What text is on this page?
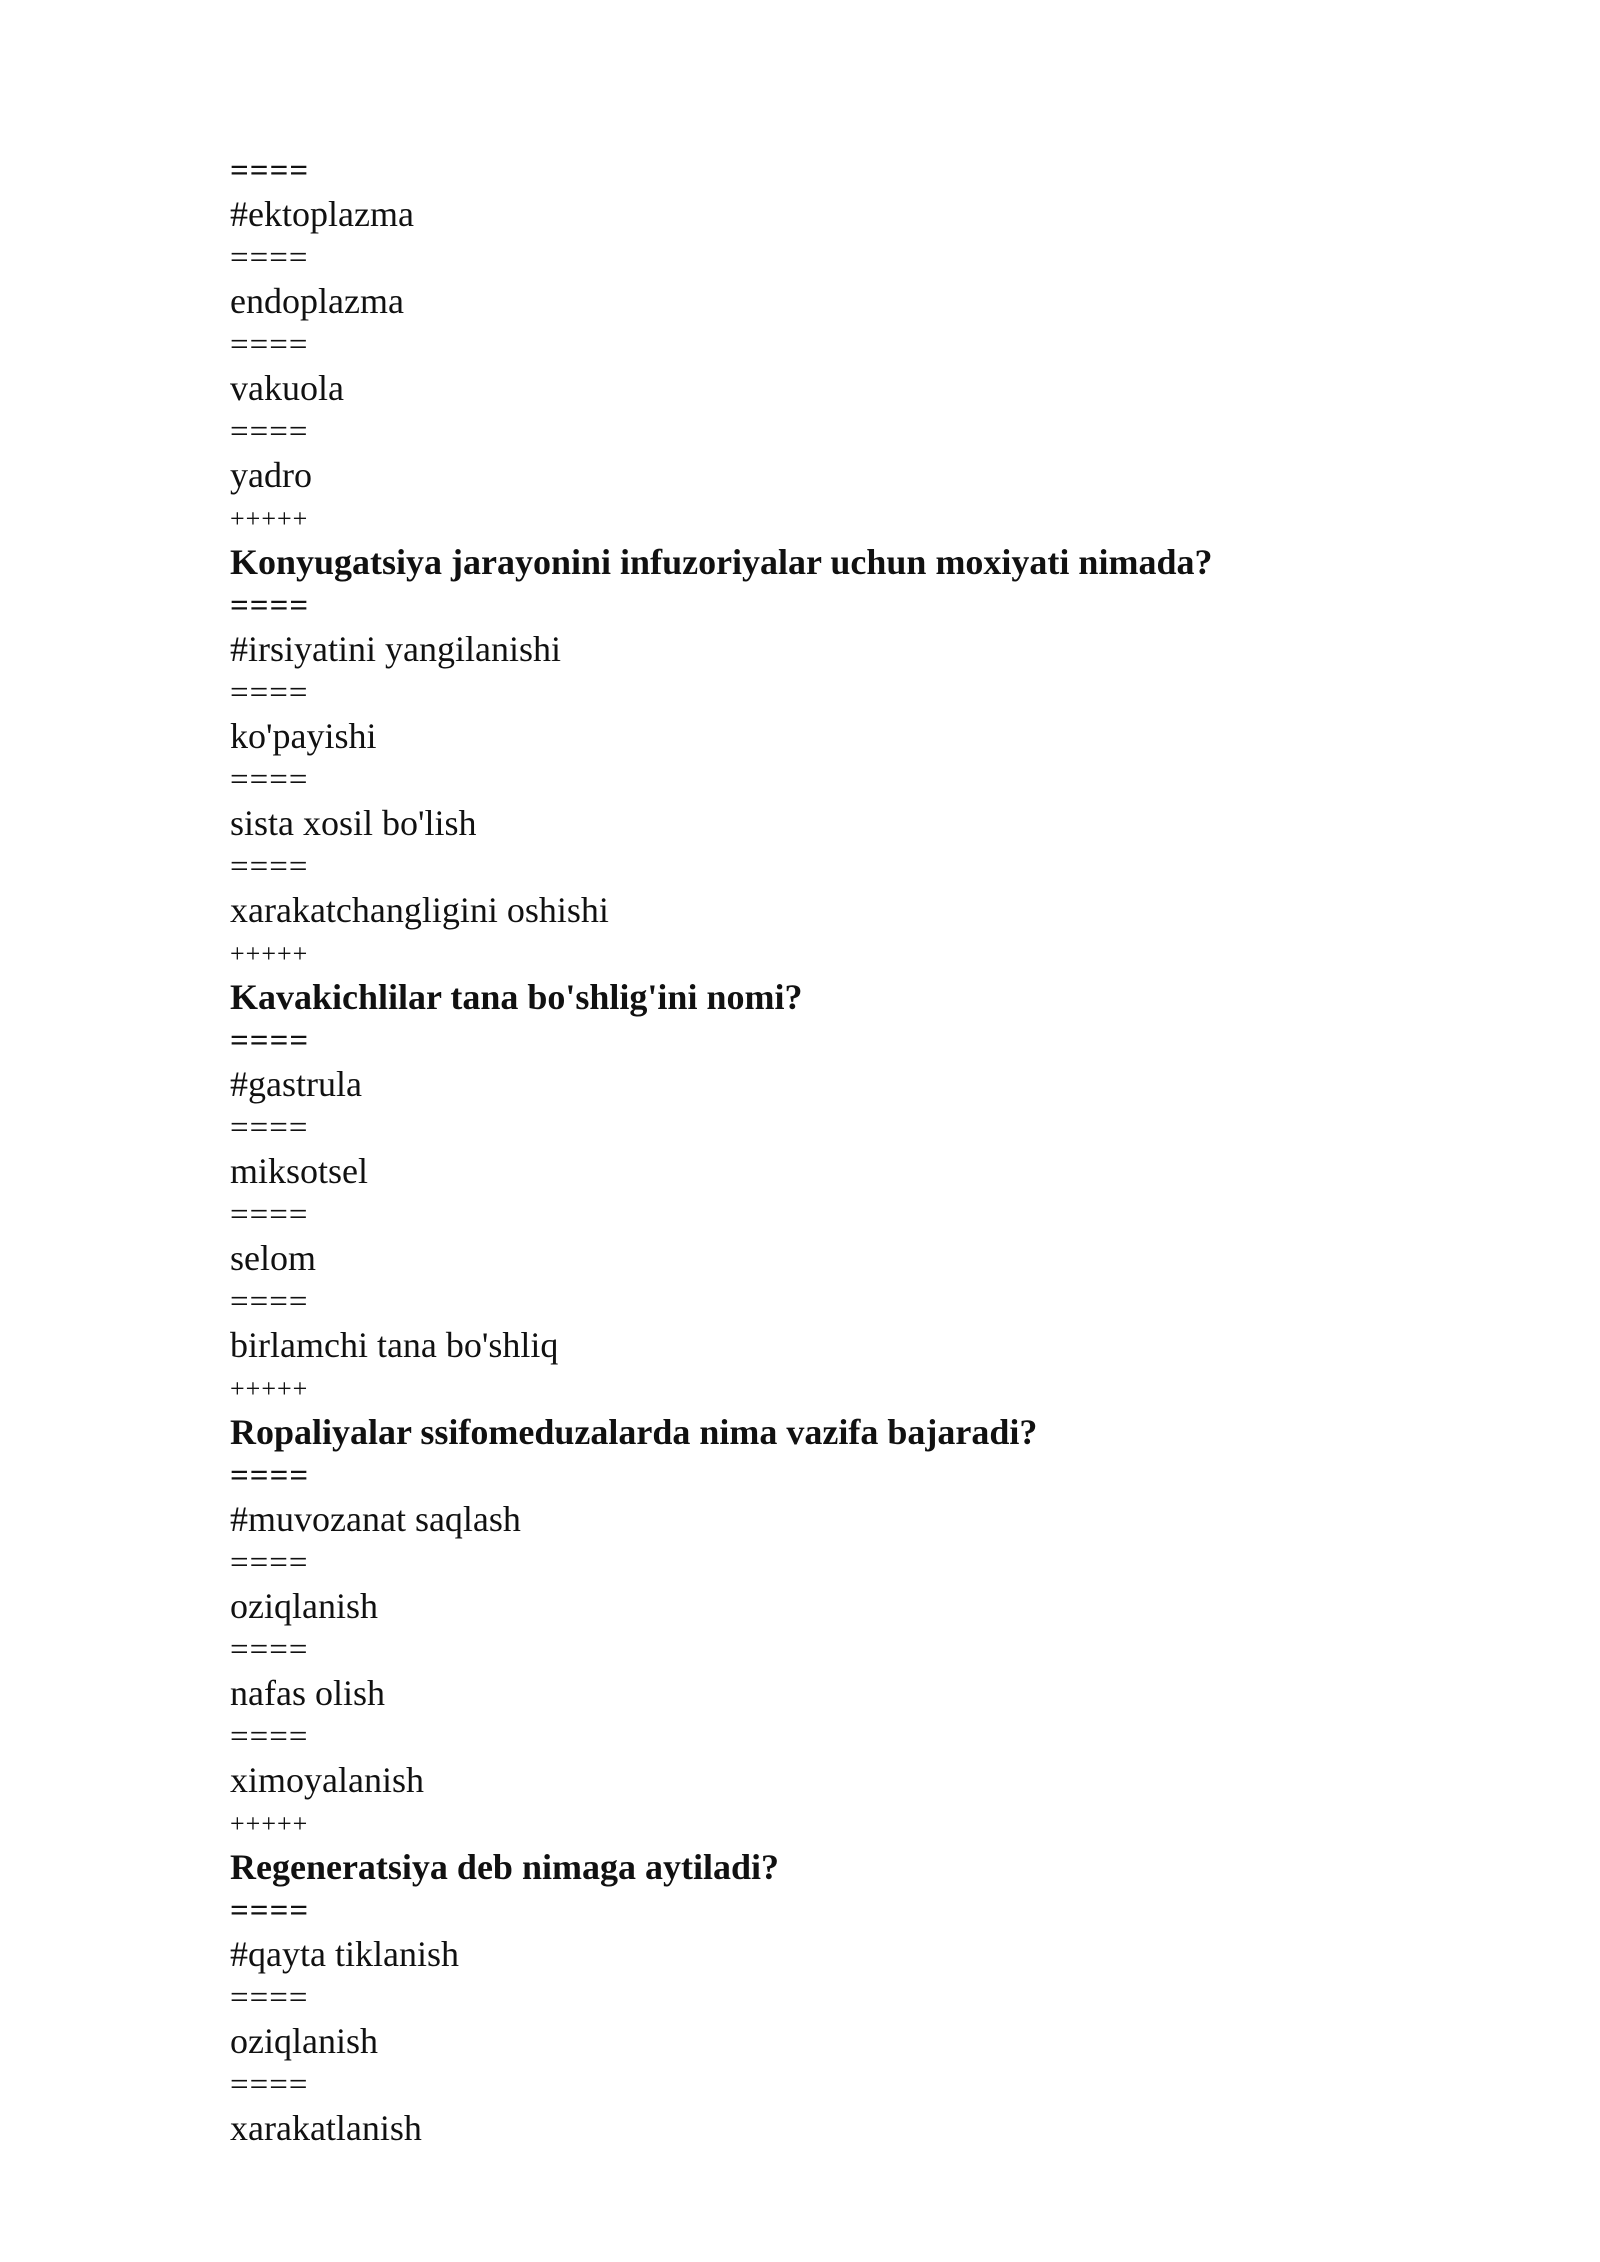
====
#ektoplazma
====
endoplazma
====
vakuola
====
yadro
+++++
Konyugatsiya jarayonini infuzoriyalar uchun moxiyati nimada?
====
#irsiyatini yangilanishi
====
ko'payishi
====
sista xosil bo'lish
====
xarakatchangligini oshishi
+++++
Kavakichlilar tana bo'shlig'ini nomi?
====
#gastrula
====
miksotsel
====
selom
====
birlamchi tana bo'shliq
+++++
Ropaliyalar ssifomeduzalarda nima vazifa bajaradi?
====
#muvozanat saqlash
====
oziqlanish
====
nafas olish
====
ximoyalanish
+++++
Regeneratsiya deb nimaga aytiladi?
====
#qayta tiklanish
====
oziqlanish
====
xarakatlanish
